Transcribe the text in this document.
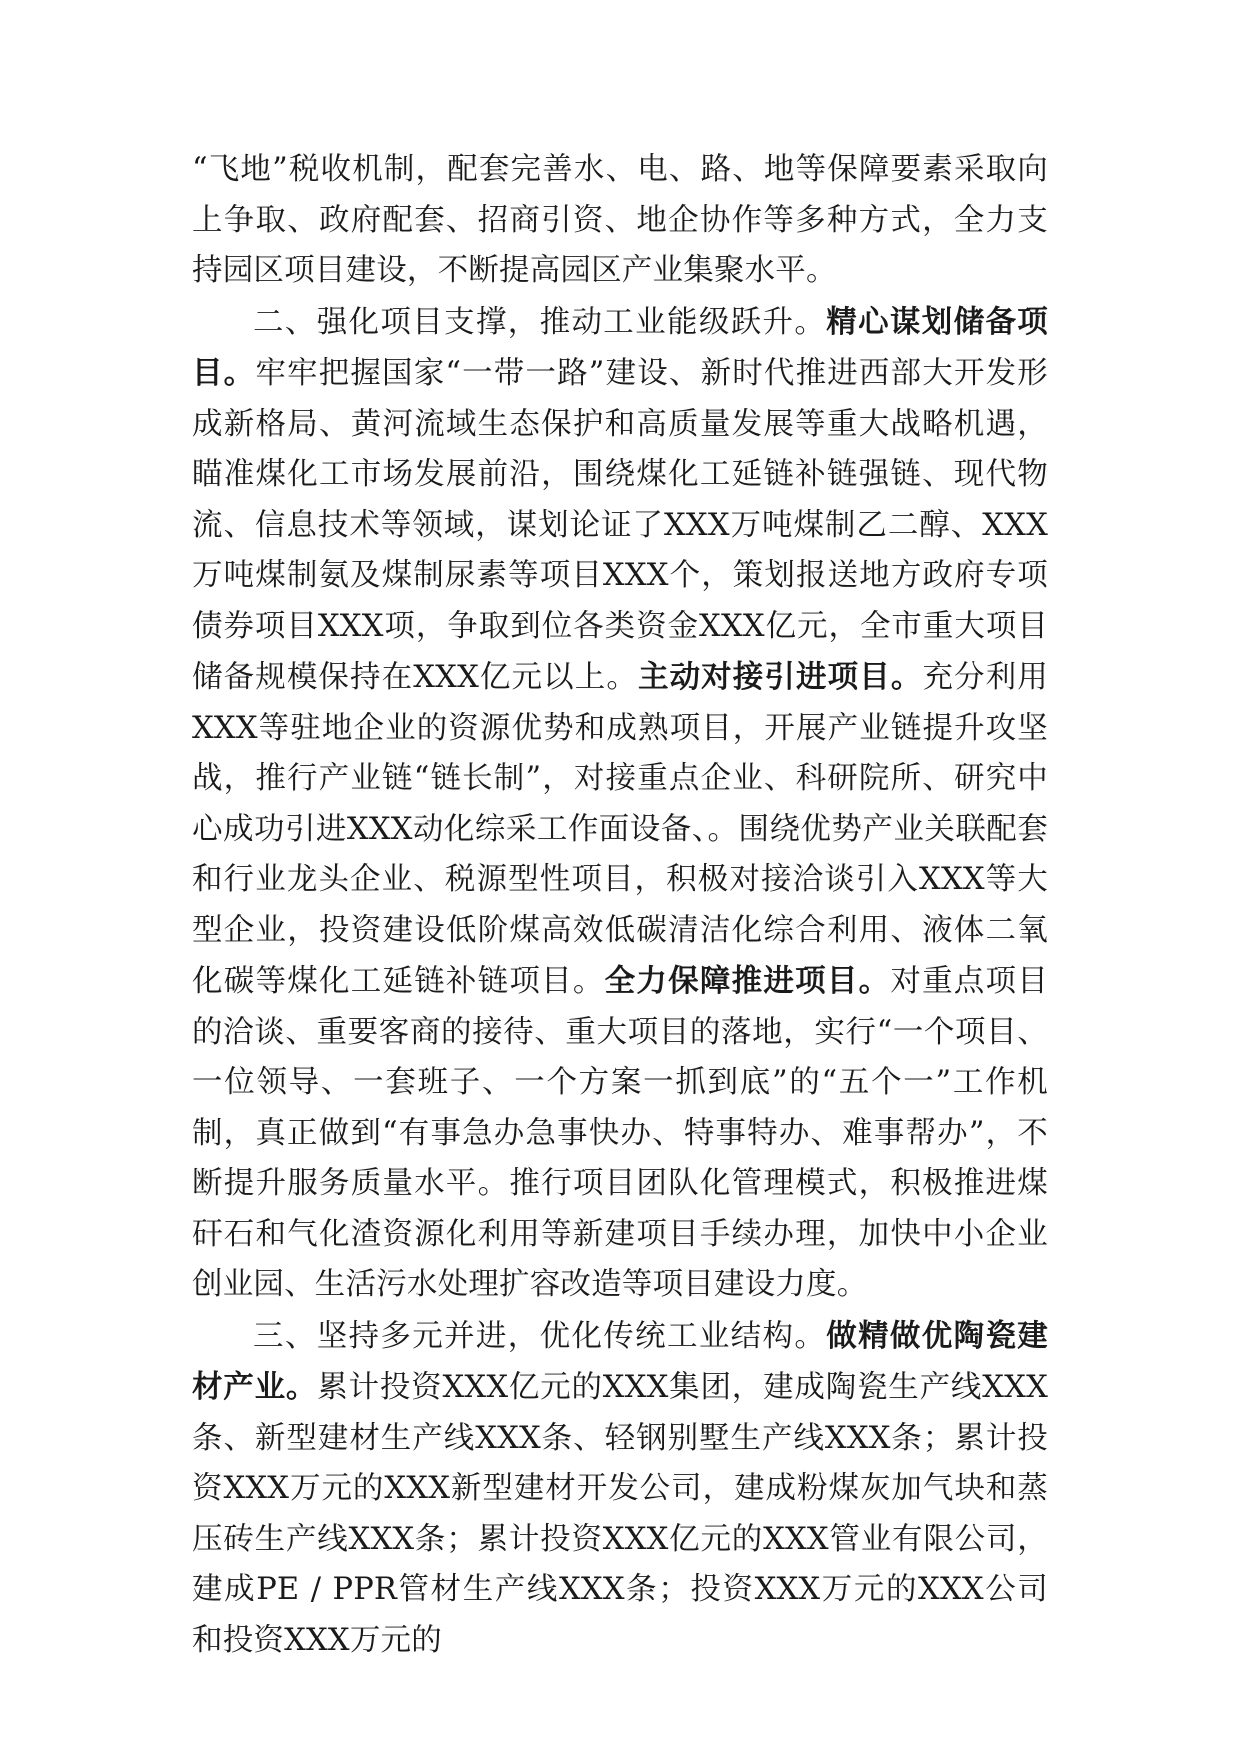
“飞地”税收机制，配套完善水、电、路、地等保障要素采取向上争取、政府配套、招商引资、地企协作等多种方式，全力支持园区项目建设，不断提高园区产业集聚水平。

二、强化项目支撑，推动工业能级跃升。精心谋划储备项目。牢牢把握国家“一带一路”建设、新时代推进西部大开发形成新格局、黄河流域生态保护和高质量发展等重大战略机遇，瞄准煤化工市场发展前沿，围绕煤化工延链补链强链、现代物流、信息技术等领域，谋划论证了XXX万吨煤制乙二醇、XXX万吨煤制氨及煤制尿素等项目XXX个，策划报送地方政府专项债券项目XXX项，争取到位各类资金XXX亿元，全市重大项目储备规模保持在XXX亿元以上。主动对接引进项目。充分利用XXX等驻地企业的资源优势和成熟项目，开展产业链提升攻坚战，推行产业链“链长制”，对接重点企业、科研院所、研究中心成功引进XXX动化综采工作面设备、。围绕优势产业关联配套和行业龙头企业、税源型性项目，积极对接洽谈引入XXX等大型企业，投资建设低阶煤高效低碳清洁化综合利用、液体二氧化碳等煤化工延链补链项目。全力保障推进项目。对重点项目的洽谈、重要客商的接待、重大项目的落地，实行“一个项目、一位领导、一套班子、一个方案一抓到底”的“五个一”工作机制，真正做到“有事急办急事快办、特事特办、难事帮办”，不断提升服务质量水平。推行项目团队化管理模式，积极推进煤矸石和气化渣资源化利用等新建项目手续办理，加快中小企业创业园、生活污水处理扩容改造等项目建设力度。

三、坚持多元并进，优化传统工业结构。做精做优陶瓷建材产业。累计投资XXX亿元的XXX集团，建成陶瓷生产线XXX条、新型建材生产线XXX条、轻钢别墅生产线XXX条；累计投资XXX万元的XXX新型建材开发公司，建成粉煤灰加气块和蒸压砖生产线XXX条；累计投资XXX亿元的XXX管业有限公司，建成PE / PPR管材生产线XXX条；投资XXX万元的XXX公司和投资XXX万元的
